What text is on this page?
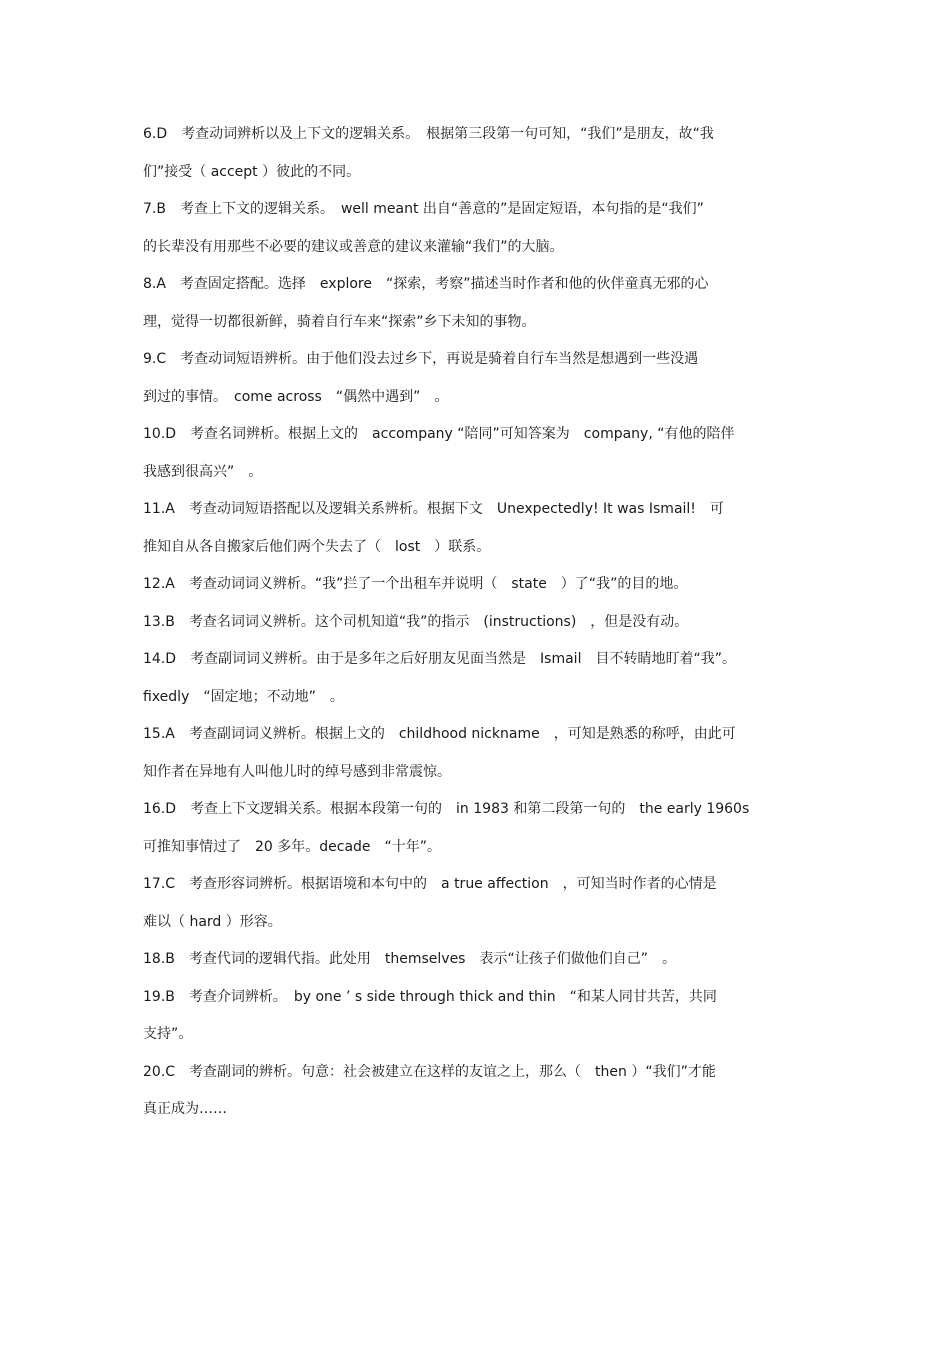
6.D　考查动词辨析以及上下文的逻辑关系。　根据第三段第一句可知，“我们”是朋友，故“我
们”接受（ accept ）彼此的不同。
7.B　考查上下文的逻辑关系。　well meant 出自“善意的”是固定短语，本句指的是“我们”
的长辈没有用那些不必要的建议或善意的建议来灌输“我们”的大脑。
8.A　考查固定搭配。选择　explore　“探索，考察”描述当时作者和他的伙伴童真无邪的心
理，觉得一切都很新鲜，骑着自行车来“探索”乡下未知的事物。
9.C　考查动词短语辨析。由于他们没去过乡下，再说是骑着自行车当然是想遇到一些没遇
到过的事情。　come across　“偶然中遇到”　。
10.D　考查名词辨析。根据上文的　accompany “陪同”可知答案为　company, “有他的陪伴
我感到很高兴”　。
11.A　考查动词短语搭配以及逻辑关系辨析。根据下文　Unexpectedly! It was Ismail!　可
推知自从各自搬家后他们两个失去了（　lost　）联系。
12.A　考查动词词义辨析。“我”拦了一个出租车并说明（　state　）了“我”的目的地。
13.B　考查名词词义辨析。这个司机知道“我”的指示　(instructions)　，但是没有动。
14.D　考查副词词义辨析。由于是多年之后好朋友见面当然是　Ismail　目不转睛地盯着“我”。
fixedly　“固定地；不动地”　。
15.A　考查副词词义辨析。根据上文的　childhood nickname　，可知是熟悉的称呼，由此可
知作者在异地有人叫他儿时的绰号感到非常震惊。
16.D　考查上下文逻辑关系。根据本段第一句的　in 1983 和第二段第一句的　the early 1960s
可推知事情过了　20 多年。decade　“十年”。
17.C　考查形容词辨析。根据语境和本句中的　a true affection　，可知当时作者的心情是
难以（ hard ）形容。
18.B　考查代词的逻辑代指。此处用　themselves　表示“让孩子们做他们自己”　。
19.B　考查介词辨析。　by one ’ s side through thick and thin　“和某人同甘共苦，共同
支持”。
20.C　考查副词的辨析。句意：社会被建立在这样的友谊之上，那么（　then ）“我们”才能
真正成为……
